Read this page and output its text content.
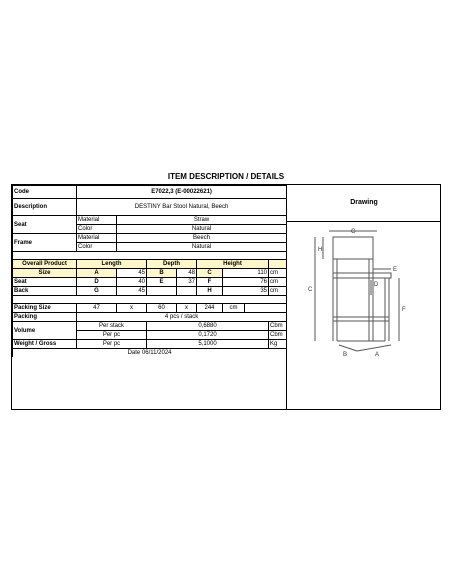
ITEM DESCRIPTION / DETAILS
Code	E7022,3 (E-00022621)							
Description	DESTINY Bar Stool Natural, Beech							
Seat	Material	Straw						
	Color	Natural						
Frame	Material	Beech						
	Color	Natural						

Overall Product	Length		Depth		Height			
Size	A	45	B	48	C	110		cm
Seat	D	40	E	37	F	76		cm
Back	G	45			H	35		cm

Packing Size	47	x	60	x	244	cm		
Packing	4 pcs / stack							
Volume	Per stack		0,6880					Cbm
	Per pc		0,1720					Cbm
Weight / Gross	Per pc		5,1000					Kg
Date 06/11/2024								
Drawing
G
H
C
E
D
F
B	A
